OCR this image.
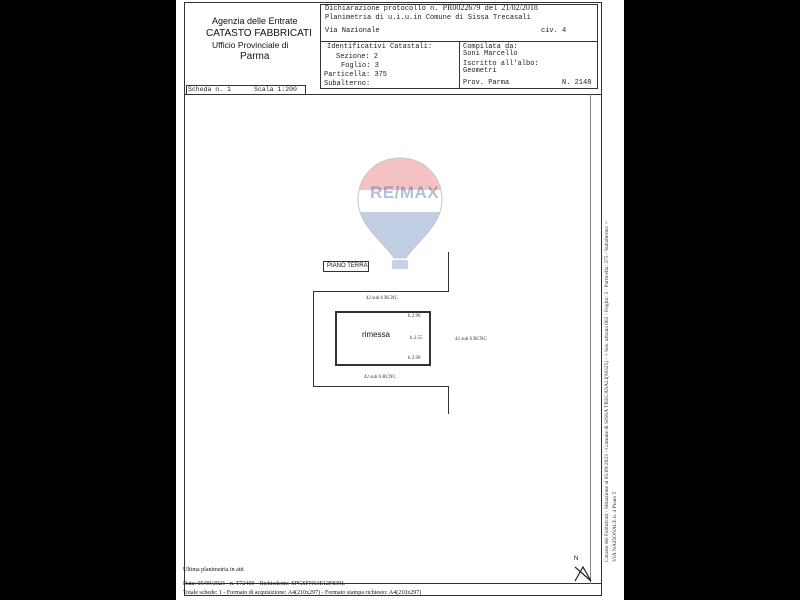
Agenzia delle Entrate
CATASTO FABBRICATI
Ufficio Provinciale di
Parma
Dichiarazione protocollo n. PR0022679 del 21/02/2018
Planimetria di u.i.u.in Comune di Sissa Trecasali
Via Nazionale	civ. 4
Identificativi Catastali:
Sezione: 2
Foglio: 3
Particella: 375
Subalterno:
Compilata da:
Soni Marcello
Iscritto all'albo:
Geometri
Prov. Parma	N. 2148
Scheda n. 1	Scala 1:200
RE/MAX
PIANO TERRA
42 sub 6 BCNC
rimessa
h 2.90
h 2.55
h 2.90
42 sub 6 BCNC
42 sub 6 BCNC	Catasto dei Fabbricati - Situazione al 05/09/2023 - Comune di SISSA TRECASALI(M325) - < Sez. urbana 002 - Foglio: 3 - Particella: 375 - Subalterno: > VIA NAZIONALE n. 4 Piano T
N
Ultima planimetria in atti
Data: 05/09/2023 - n. T72469 - Richiedente: SPGSFN63E12F839L
Totale schede: 1 - Formato di acquisizione: A4(210x297) - Formato stampa richiesto: A4(210x297)
